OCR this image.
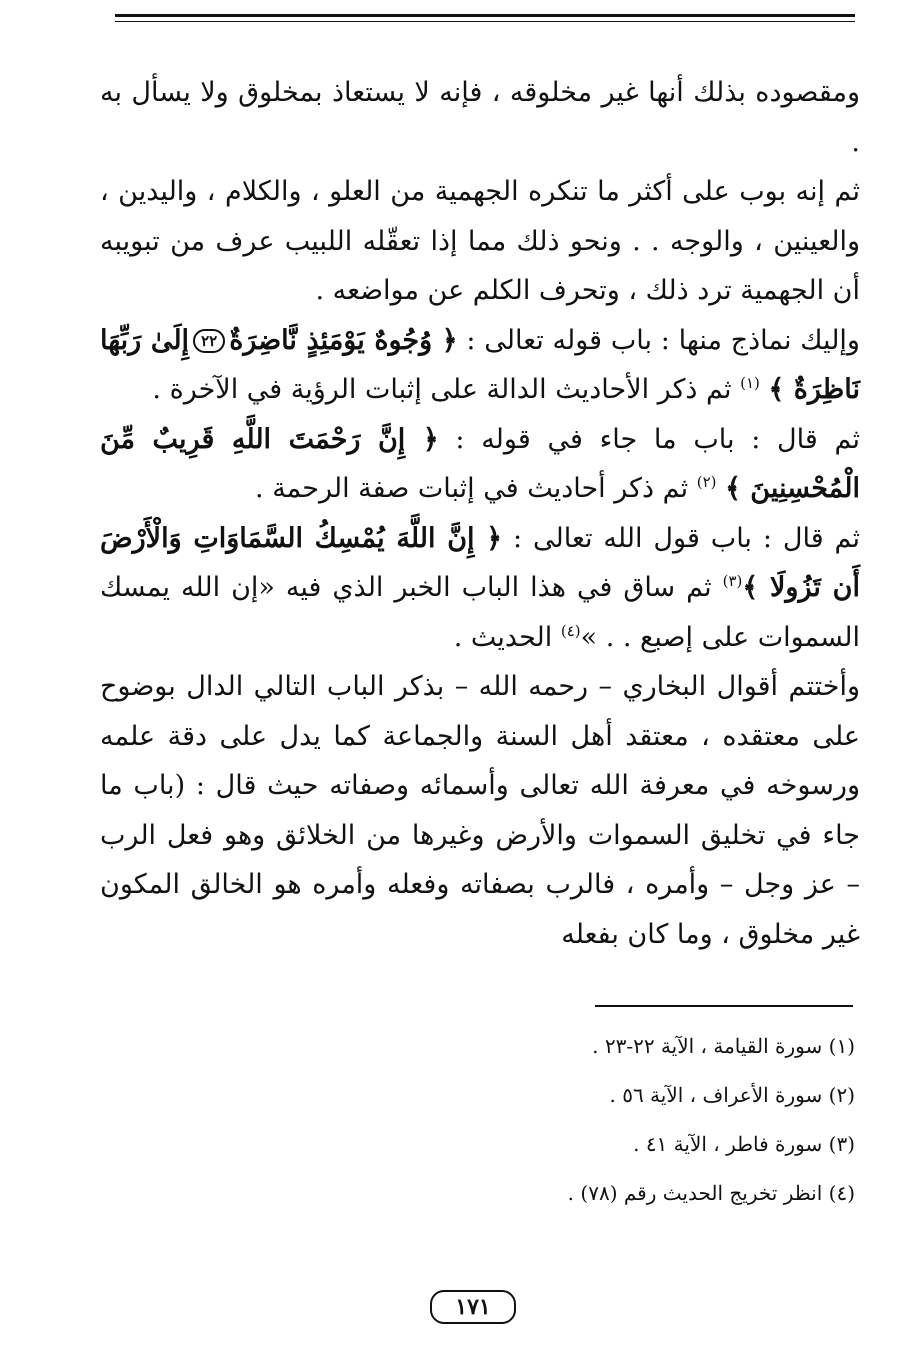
ومقصوده بذلك أنها غير مخلوقه ، فإنه لا يستعاذ بمخلوق ولا يسأل به .

ثم إنه بوب على أكثر ما تنكره الجهمية من العلو ، والكلام ، واليدين ، والعينين ، والوجه . . ونحو ذلك مما إذا تعقّله اللبيب عرف من تبويبه أن الجهمية ترد ذلك ، وتحرف الكلم عن مواضعه .

وإليك نماذج منها : باب قوله تعالى : ﴿ وُجُوهٌ يَوْمَئِذٍ نَّاضِرَةٌ٢٢إِلَىٰ رَبِّهَا نَاظِرَةٌ ﴾ $^{(١)}$ ثم ذكر الأحاديث الدالة على إثبات الرؤية في الآخرة .

ثم قال : باب ما جاء في قوله : ﴿ إِنَّ رَحْمَتَ اللَّهِ قَرِيبٌ مِّنَ الْمُحْسِنِينَ ﴾ $^{(٢)}$ ثم ذكر أحاديث في إثبات صفة الرحمة .

ثم قال : باب قول الله تعالى : ﴿ إِنَّ اللَّهَ يُمْسِكُ السَّمَاوَاتِ وَالْأَرْضَ أَن تَزُولَا ﴾$^{(٣)}$ ثم ساق في هذا الباب الخبر الذي فيه «إن الله يمسك السموات على إصبع . . »$^{(٤)}$ الحديث .

وأختتم أقوال البخاري – رحمه الله – بذكر الباب التالي الدال بوضوح على معتقده ، معتقد أهل السنة والجماعة كما يدل على دقة علمه ورسوخه في معرفة الله تعالى وأسمائه وصفاته حيث قال : (باب ما جاء في تخليق السموات والأرض وغيرها من الخلائق وهو فعل الرب – عز وجل – وأمره ، فالرب بصفاته وفعله وأمره هو الخالق المكون غير مخلوق ، وما كان بفعله

(١) سورة القيامة ، الآية ٢٢-٢٣ .
(٢) سورة الأعراف ، الآية ٥٦ .
(٣) سورة فاطر ، الآية ٤١ .
(٤) انظر تخريج الحديث رقم (٧٨) .
١٧١
